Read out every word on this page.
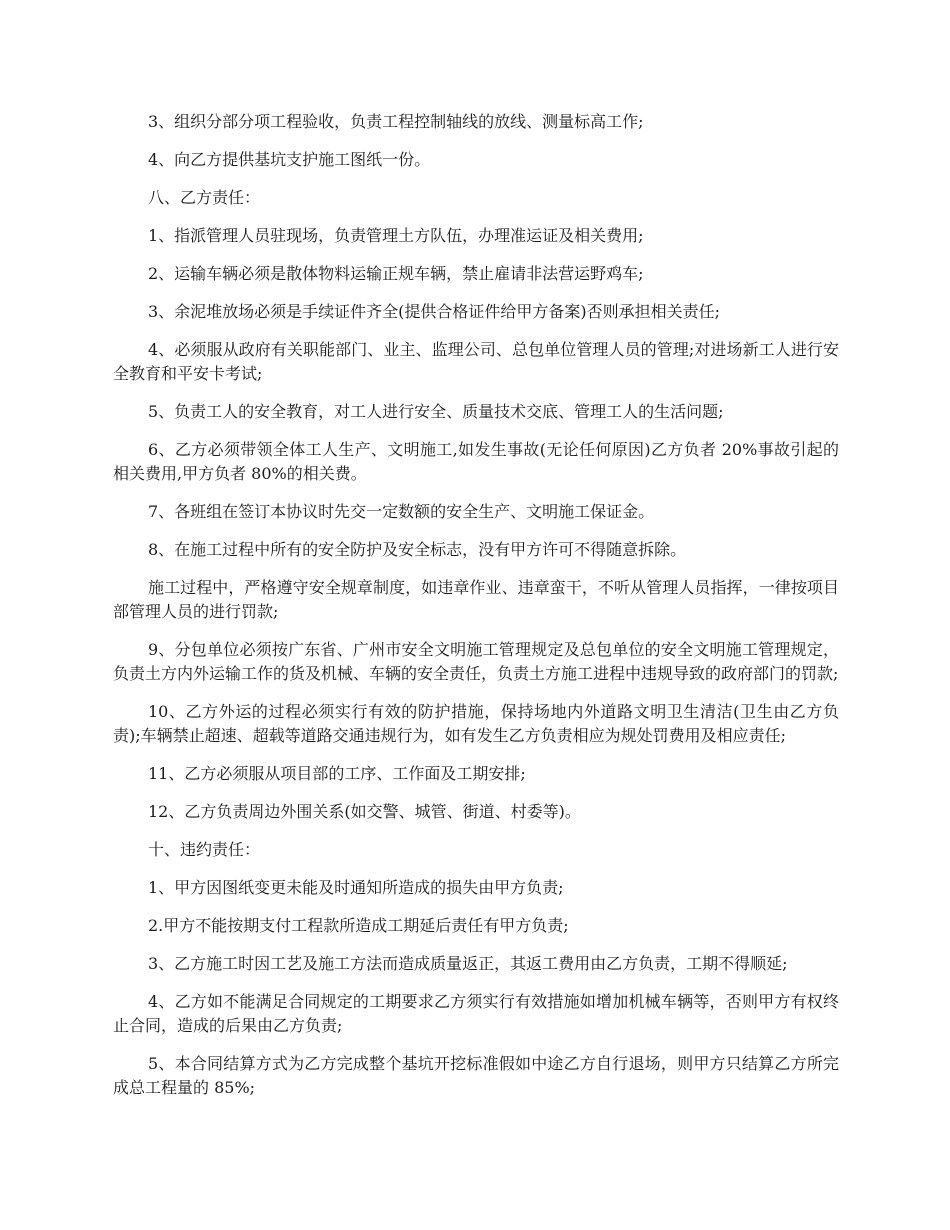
3、组织分部分项工程验收，负责工程控制轴线的放线、测量标高工作;

4、向乙方提供基坑支护施工图纸一份。

八、乙方责任：

1、指派管理人员驻现场，负责管理土方队伍，办理准运证及相关费用;

2、运输车辆必须是散体物料运输正规车辆，禁止雇请非法营运野鸡车;

3、余泥堆放场必须是手续证件齐全(提供合格证件给甲方备案)否则承担相关责任;

4、必须服从政府有关职能部门、业主、监理公司、总包单位管理人员的管理;对进场新工人进行安全教育和平安卡考试;

5、负责工人的安全教育，对工人进行安全、质量技术交底、管理工人的生活问题;

6、乙方必须带领全体工人生产、文明施工,如发生事故(无论任何原因)乙方负者 20%事故引起的相关费用,甲方负者 80%的相关费。

7、各班组在签订本协议时先交一定数额的安全生产、文明施工保证金。

8、在施工过程中所有的安全防护及安全标志，没有甲方许可不得随意拆除。

施工过程中，严格遵守安全规章制度，如违章作业、违章蛮干，不听从管理人员指挥，一律按项目部管理人员的进行罚款;

9、分包单位必须按广东省、广州市安全文明施工管理规定及总包单位的安全文明施工管理规定，负责土方内外运输工作的货及机械、车辆的安全责任，负责土方施工进程中违规导致的政府部门的罚款;

10、乙方外运的过程必须实行有效的防护措施，保持场地内外道路文明卫生清洁(卫生由乙方负责);车辆禁止超速、超载等道路交通违规行为，如有发生乙方负责相应为规处罚费用及相应责任;

11、乙方必须服从项目部的工序、工作面及工期安排;

12、乙方负责周边外围关系(如交警、城管、街道、村委等)。

十、违约责任：

1、甲方因图纸变更未能及时通知所造成的损失由甲方负责;

2.甲方不能按期支付工程款所造成工期延后责任有甲方负责;

3、乙方施工时因工艺及施工方法而造成质量返正，其返工费用由乙方负责，工期不得顺延;

4、乙方如不能满足合同规定的工期要求乙方须实行有效措施如增加机械车辆等，否则甲方有权终止合同，造成的后果由乙方负责;

5、本合同结算方式为乙方完成整个基坑开挖标准假如中途乙方自行退场，则甲方只结算乙方所完成总工程量的 85%;
